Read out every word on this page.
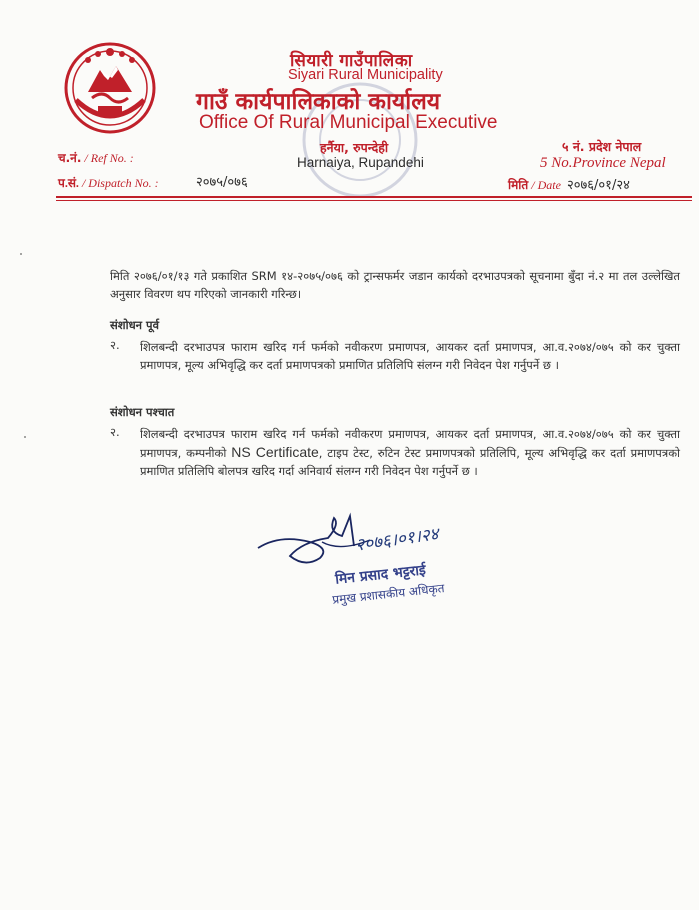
सियारी गाउँपालिका
Siyari Rural Municipality
गाउँ कार्यपालिकाको कार्यालय
Office Of Rural Municipal Executive
हर्नैया, रुपन्देही
Harnaiya, Rupandehi
च.नं. / Ref No. :
५ नं. प्रदेश नेपाल
5 No.Province Nepal
प.सं. / Dispatch No. :	२०७५/०७६	मिति / Date २०७६/०१/२४
मिति २०७६/०१/१३ गते प्रकाशित SRM १४-२०७५/०७६ को ट्रान्सफर्मर जडान कार्यको दरभाउपत्रको सूचनामा बुँदा नं.२ मा तल उल्लेखित अनुसार विवरण थप गरिएको जानकारी गरिन्छ।
संशोधन पूर्व
२. शिलबन्दी दरभाउपत्र फाराम खरिद गर्न फर्मको नवीकरण प्रमाणपत्र, आयकर दर्ता प्रमाणपत्र, आ.व.२०७४/०७५ को कर चुक्ता प्रमाणपत्र, मूल्य अभिवृद्धि कर दर्ता प्रमाणपत्रको प्रमाणित प्रतिलिपि संलग्न गरी निवेदन पेश गर्नुपर्ने छ ।
संशोधन पश्चात
२. शिलबन्दी दरभाउपत्र फाराम खरिद गर्न फर्मको नवीकरण प्रमाणपत्र, आयकर दर्ता प्रमाणपत्र, आ.व.२०७४/०७५ को कर चुक्ता प्रमाणपत्र, कम्पनीको NS Certificate, टाइप टेस्ट, रुटिन टेस्ट प्रमाणपत्रको प्रतिलिपि, मूल्य अभिवृद्धि कर दर्ता प्रमाणपत्रको प्रमाणित प्रतिलिपि बोलपत्र खरिद गर्दा अनिवार्य संलग्न गरी निवेदन पेश गर्नुपर्ने छ ।
२०७६।०१।२४
मिन प्रसाद भट्टराई
प्रमुख प्रशासकीय अधिकृत
